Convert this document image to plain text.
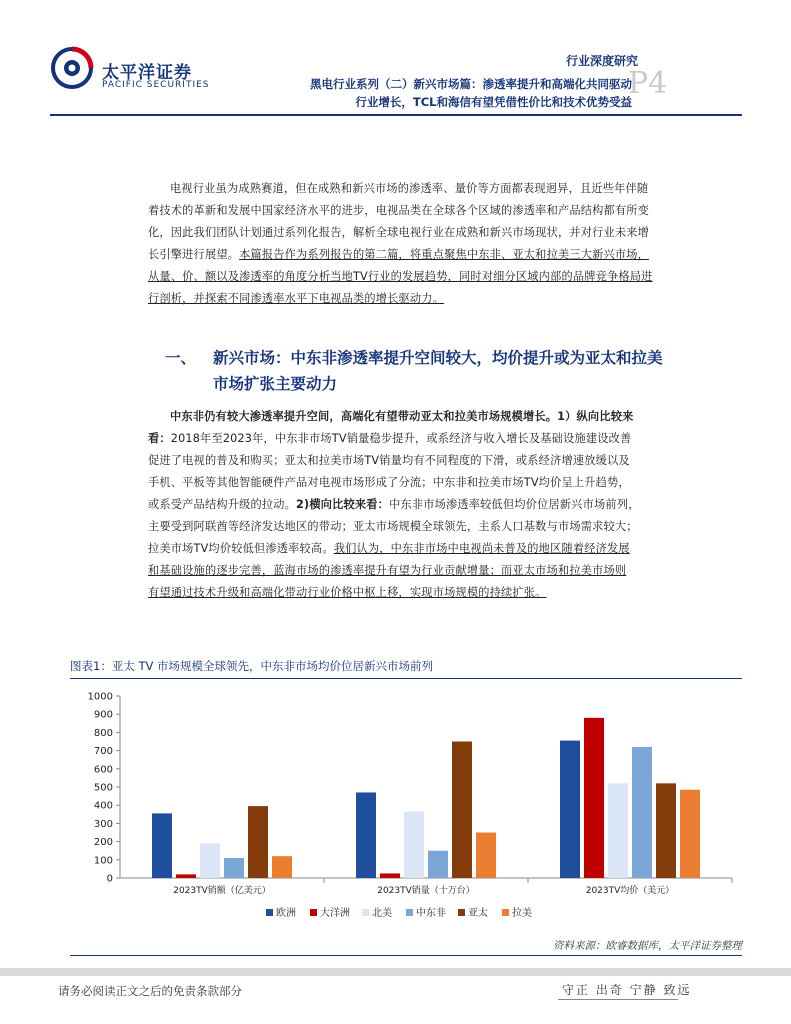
太平洋证券
PACIFIC SECURITIES
行业深度研究
P4
黑电行业系列（二）新兴市场篇：渗透率提升和高端化共同驱动
行业增长，TCL和海信有望凭借性价比和技术优势受益
电视行业虽为成熟赛道，但在成熟和新兴市场的渗透率、量价等方面都表现迥异，且近些年伴随
着技术的革新和发展中国家经济水平的进步，电视品类在全球各个区域的渗透率和产品结构都有所变
化，因此我们团队计划通过系列化报告，解析全球电视行业在成熟和新兴市场现状，并对行业未来增
长引擎进行展望。本篇报告作为系列报告的第二篇，将重点聚焦中东非、亚太和拉美三大新兴市场，
从量、价、额以及渗透率的角度分析当地TV行业的发展趋势，同时对细分区域内部的品牌竞争格局进
行剖析，并探索不同渗透率水平下电视品类的增长驱动力。
一、 新兴市场：中东非渗透率提升空间较大，均价提升或为亚太和拉美
市场扩张主要动力
中东非仍有较大渗透率提升空间，高端化有望带动亚太和拉美市场规模增长。1）纵向比较来
看：2018年至2023年，中东非市场TV销量稳步提升，或系经济与收入增长及基础设施建设改善
促进了电视的普及和购买；亚太和拉美市场TV销量均有不同程度的下滑，或系经济增速放缓以及
手机、平板等其他智能硬件产品对电视市场形成了分流；中东非和拉美市场TV均价呈上升趋势，
或系受产品结构升级的拉动。2)横向比较来看：中东非市场渗透率较低但均价位居新兴市场前列，
主要受到阿联酋等经济发达地区的带动；亚太市场规模全球领先，主系人口基数与市场需求较大；
拉美市场TV均价较低但渗透率较高。我们认为，中东非市场中电视尚未普及的地区随着经济发展
和基础设施的逐步完善，蓝海市场的渗透率提升有望为行业贡献增量；而亚太市场和拉美市场则
有望通过技术升级和高端化带动行业价格中枢上移，实现市场规模的持续扩张。
图表1：亚太 TV 市场规模全球领先，中东非市场均价位居新兴市场前列
0
100
200
300
400
500
600
700
800
900
1000
2023TV销额（亿美元）	2023TV销量（十万台）	2023TV均价（美元）
欧洲 大洋洲 北美 中东非 亚太 拉美
资料来源：欧睿数据库，太平洋证券整理
请务必阅读正文之后的免责条款部分	守正 出奇 宁静 致远
